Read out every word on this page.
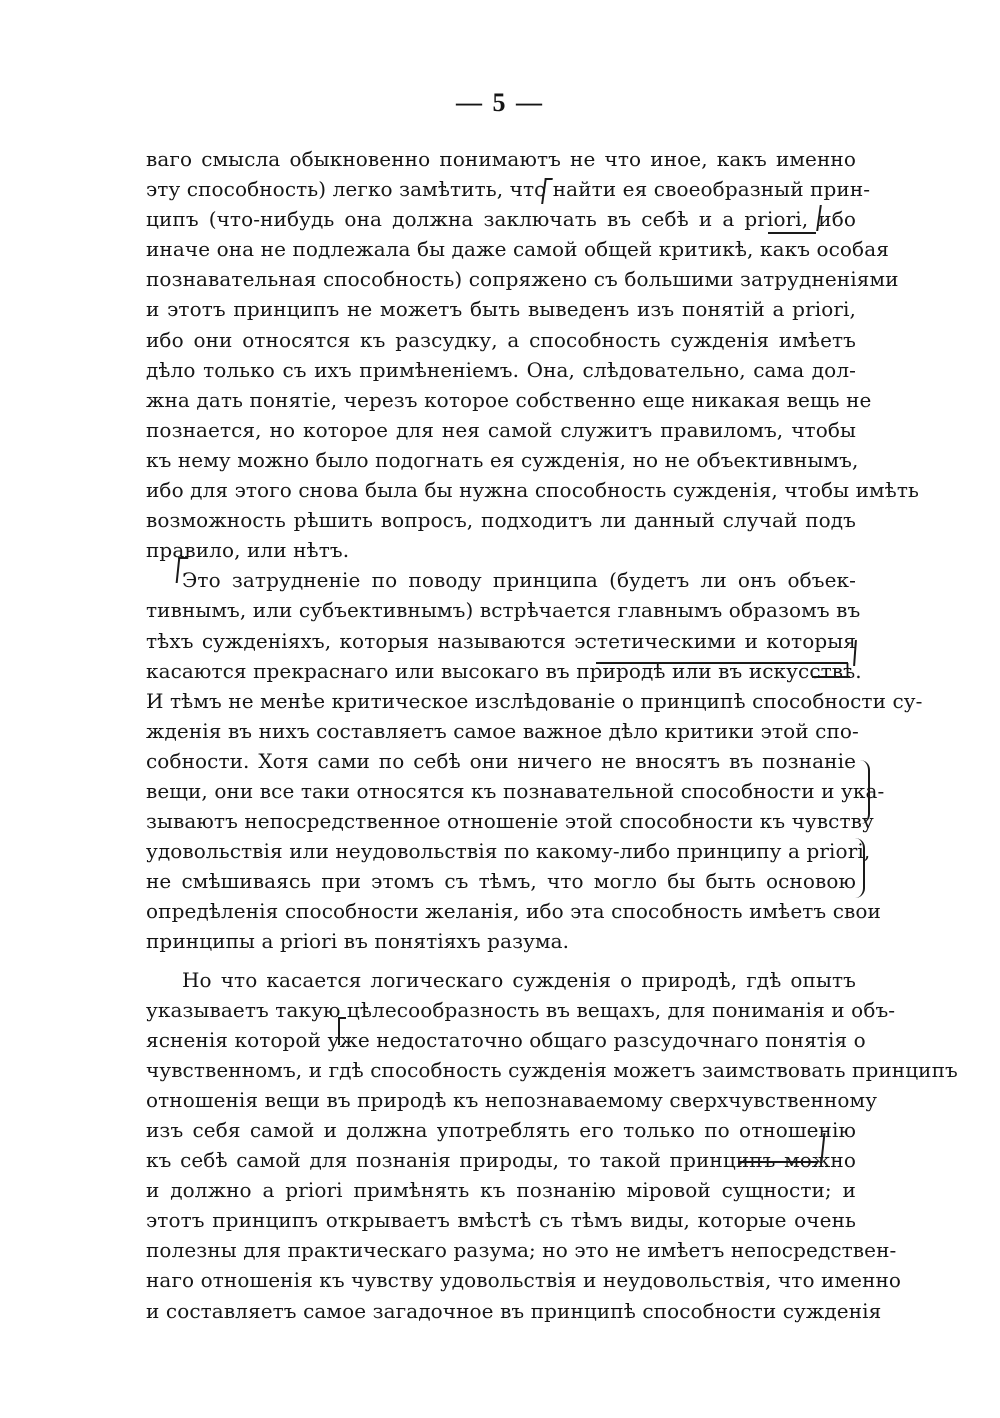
— 5 —
ваго смысла обыкновенно понимаютъ не что иное, какъ именно
эту способность) легко замѣтить, что найти ея своеобразный прин-
ципъ (что-нибудь она должна заключать въ себѣ и a priori, ибо
иначе она не подлежала бы даже самой общей критикѣ, какъ особая
познавательная способность) сопряжено съ большими затрудненіями
и этотъ принципъ не можетъ быть выведенъ изъ понятій a priori,
ибо они относятся къ разсудку, а способность сужденія имѣетъ
дѣло только съ ихъ примѣненіемъ. Она, слѣдовательно, сама дол-
жна дать понятіе, черезъ которое собственно еще никакая вещь не
познается, но которое для нея самой служитъ правиломъ, чтобы
къ нему можно было подогнать ея сужденія, но не объективнымъ,
ибо для этого снова была бы нужна способность сужденія, чтобы имѣть
возможность рѣшить вопросъ, подходитъ ли данный случай подъ
правило, или нѣтъ.
Это затрудненіе по поводу принципа (будетъ ли онъ объек-
тивнымъ, или субъективнымъ) встрѣчается главнымъ образомъ въ
тѣхъ сужденіяхъ, которыя называются эстетическими и которыя
касаются прекраснаго или высокаго въ природѣ или въ искусствѣ.
И тѣмъ не менѣе критическое изслѣдованіе о принципѣ способности су-
жденія въ нихъ составляетъ самое важное дѣло критики этой спо-
собности. Хотя сами по себѣ они ничего не вносятъ въ познаніе
вещи, они все таки относятся къ познавательной способности и ука-
зываютъ непосредственное отношеніе этой способности къ чувству
удовольствія или неудовольствія по какому-либо принципу a priori,
не смѣшиваясь при этомъ съ тѣмъ, что могло бы быть основою
опредѣленія способности желанія, ибо эта способность имѣетъ свои
принципы a priori въ понятіяхъ разума.
Но что касается логическаго сужденія о природѣ, гдѣ опытъ
указываетъ такую цѣлесообразность въ вещахъ, для пониманія и объ-
ясненія которой уже недостаточно общаго разсудочнаго понятія о
чувственномъ, и гдѣ способность сужденія можетъ заимствовать принципъ
отношенія вещи въ природѣ къ непознаваемому сверхчувственному
изъ себя самой и должна употреблять его только по отношенію
къ себѣ самой для познанія природы, то такой принципъ можно
и должно a priori примѣнять къ познанію міровой сущности; и
этотъ принципъ открываетъ вмѣстѣ съ тѣмъ виды, которые очень
полезны для практическаго разума; но это не имѣетъ непосредствен-
наго отношенія къ чувству удовольствія и неудовольствія, что именно
и составляетъ самое загадочное въ принципѣ способности сужденія
